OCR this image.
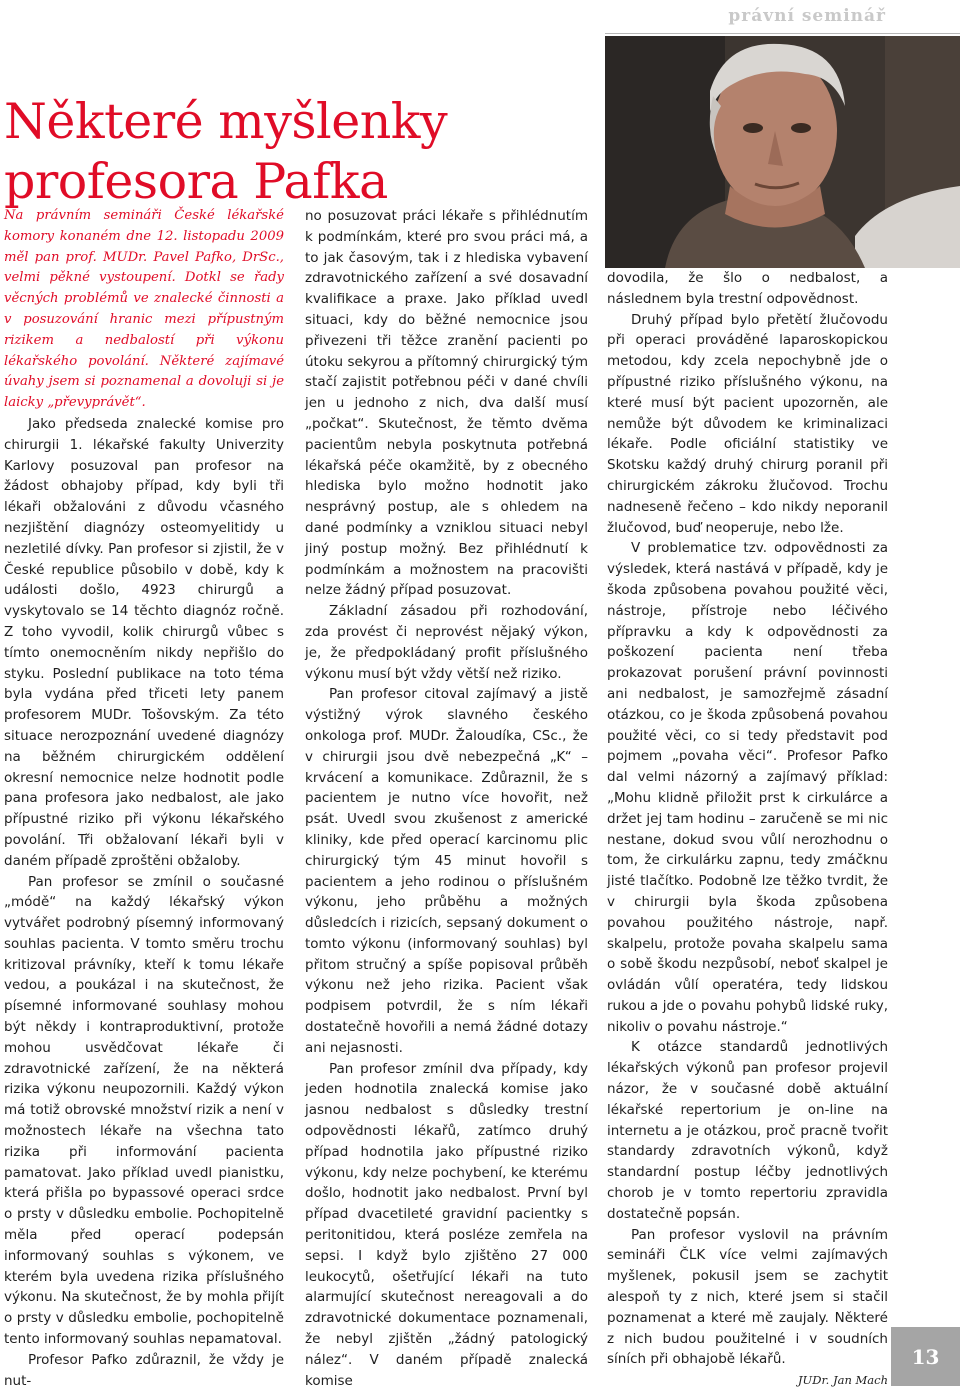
právní seminář
Některé myšlenky profesora Pafka

Na právním semináři České lékařské komory konaném dne 12. listopadu 2009 měl pan prof. MUDr. Pavel Pafko, DrSc., velmi pěkné vystoupení. Dotkl se řady věcných problémů ve znalecké činnosti a v posuzování hranic mezi přípustným rizikem a nedbalostí při výkonu lékařského povolání. Některé zajímavé úvahy jsem si poznamenal a dovoluji si je laicky „převyprávět“.

Jako předseda znalecké komise pro chirurgii 1. lékařské fakulty Univerzity Karlovy posuzoval pan profesor na žádost obhajoby případ, kdy byli tři lékaři obžalováni z důvodu včasného nezjištění diagnózy osteomyelitidy u nezletilé dívky. Pan profesor si zjistil, že v České republice působilo v době, kdy k události došlo, 4923 chirurgů a vyskytovalo se 14 těchto diagnóz ročně. Z toho vyvodil, kolik chirurgů vůbec s tímto onemocněním nikdy nepřišlo do styku. Poslední publikace na toto téma byla vydána před třiceti lety panem profesorem MUDr. Tošovským. Za této situace nerozpoznání uvedené diagnózy na běžném chirurgickém oddělení okresní nemocnice nelze hodnotit podle pana profesora jako nedbalost, ale jako přípustné riziko při výkonu lékařského povolání. Tři obžalovaní lékaři byli v daném případě zproštěni obžaloby.

Pan profesor se zmínil o současné „módě“ na každý lékařský výkon vytvářet podrobný písemný informovaný souhlas pacienta. V tomto směru trochu kritizoval právníky, kteří k tomu lékaře vedou, a poukázal i na skutečnost, že písemné informované souhlasy mohou být někdy i kontraproduktivní, protože mohou usvědčovat lékaře či zdravotnické zařízení, že na některá rizika výkonu neupozornili. Každý výkon má totiž obrovské množství rizik a není v možnostech lékaře na všechna tato rizika při informování pacienta pamatovat. Jako příklad uvedl pianistku, která přišla po bypassové operaci srdce o prsty v důsledku embolie. Pochopitelně měla před operací podepsán informovaný souhlas s výkonem, ve kterém byla uvedena rizika příslušného výkonu. Na skutečnost, že by mohla přijít o prsty v důsledku embolie, pochopitelně tento informovaný souhlas nepamatoval.

Profesor Pafko zdůraznil, že vždy je nut-

no posuzovat práci lékaře s přihlédnutím k podmínkám, které pro svou práci má, a to jak časovým, tak i z hlediska vybavení zdravotnického zařízení a své dosavadní kvalifikace a praxe. Jako příklad uvedl situaci, kdy do běžné nemocnice jsou přivezeni tři těžce zranění pacienti po útoku sekyrou a přítomný chirurgický tým stačí zajistit potřebnou péči v dané chvíli jen u jednoho z nich, dva další musí „počkat“. Skutečnost, že těmto dvěma pacientům nebyla poskytnuta potřebná lékařská péče okamžitě, by z obecného hlediska bylo možno hodnotit jako nesprávný postup, ale s ohledem na dané podmínky a vzniklou situaci nebyl jiný postup možný. Bez přihlédnutí k podmínkám a možnostem na pracovišti nelze žádný případ posuzovat.

Základní zásadou při rozhodování, zda provést či neprovést nějaký výkon, je, že předpokládaný profit příslušného výkonu musí být vždy větší než riziko.

Pan profesor citoval zajímavý a jistě výstižný výrok slavného českého onkologa prof. MUDr. Žaloudíka, CSc., že v chirurgii jsou dvě nebezpečná „K“ – krvácení a komunikace. Zdůraznil, že s pacientem je nutno více hovořit, než psát. Uvedl svou zkušenost z americké kliniky, kde před operací karcinomu plic chirurgický tým 45 minut hovořil s pacientem a jeho rodinou o příslušném výkonu, jeho průběhu a možných důsledcích i rizicích, sepsaný dokument o tomto výkonu (informovaný souhlas) byl přitom stručný a spíše popisoval průběh výkonu než jeho rizika. Pacient však podpisem potvrdil, že s ním lékaři dostatečně hovořili a nemá žádné dotazy ani nejasnosti.

Pan profesor zmínil dva případy, kdy jeden hodnotila znalecká komise jako jasnou nedbalost s důsledky trestní odpovědnosti lékařů, zatímco druhý případ hodnotila jako přípustné riziko výkonu, kdy nelze pochybení, ke kterému došlo, hodnotit jako nedbalost. První byl případ dvacetileté gravidní pacientky s peritonitidou, která posléze zemřela na sepsi. I když bylo zjištěno 27 000 leukocytů, ošetřující lékaři na tuto alarmující skutečnost nereagovali a do zdravotnické dokumentace poznamenali, že nebyl zjištěn „žádný patologický nález“. V daném případě znalecká komise

dovodila, že šlo o nedbalost, a následnem byla trestní odpovědnost.

Druhý případ bylo přetětí žlučovodu při operaci prováděné laparoskopickou metodou, kdy zcela nepochybně jde o přípustné riziko příslušného výkonu, na které musí být pacient upozorněn, ale nemůže být důvodem ke kriminalizaci lékaře. Podle oficiální statistiky ve Skotsku každý druhý chirurg poranil při chirurgickém zákroku žlučovod. Trochu nadneseně řečeno – kdo nikdy neporanil žlučovod, buď neoperuje, nebo lže.

V problematice tzv. odpovědnosti za výsledek, která nastává v případě, kdy je škoda způsobena povahou použité věci, nástroje, přístroje nebo léčivého přípravku a kdy k odpovědnosti za poškození pacienta není třeba prokazovat porušení právní povinnosti ani nedbalost, je samozřejmě zásadní otázkou, co je škoda způsobená povahou použité věci, co si tedy představit pod pojmem „povaha věci“. Profesor Pafko dal velmi názorný a zajímavý příklad: „Mohu klidně přiložit prst k cirkulárce a držet jej tam hodinu – zaručeně se mi nic nestane, dokud svou vůlí nerozhodnu o tom, že cirkulárku zapnu, tedy zmáčknu jisté tlačítko. Podobně lze těžko tvrdit, že v chirurgii byla škoda způsobena povahou použitého nástroje, např. skalpelu, protože povaha skalpelu sama o sobě škodu nezpůsobí, neboť skalpel je ovládán vůlí operatéra, tedy lidskou rukou a jde o povahu pohybů lidské ruky, nikoliv o povahu nástroje.“

K otázce standardů jednotlivých lékařských výkonů pan profesor projevil názor, že v současné době aktuální lékařské repertorium je on-line na internetu a je otázkou, proč pracně tvořit standardy zdravotních výkonů, když standardní postup léčby jednotlivých chorob je v tomto repertoriu zpravidla dostatečně popsán.

Pan profesor vyslovil na právním semináři ČLK více velmi zajímavých myšlenek, pokusil jsem se zachytit alespoň ty z nich, které jsem si stačil poznamenat a které mě zaujaly. Některé z nich budou použitelné i v soudních síních při obhajobě lékařů.

JUDr. Jan Mach

13
